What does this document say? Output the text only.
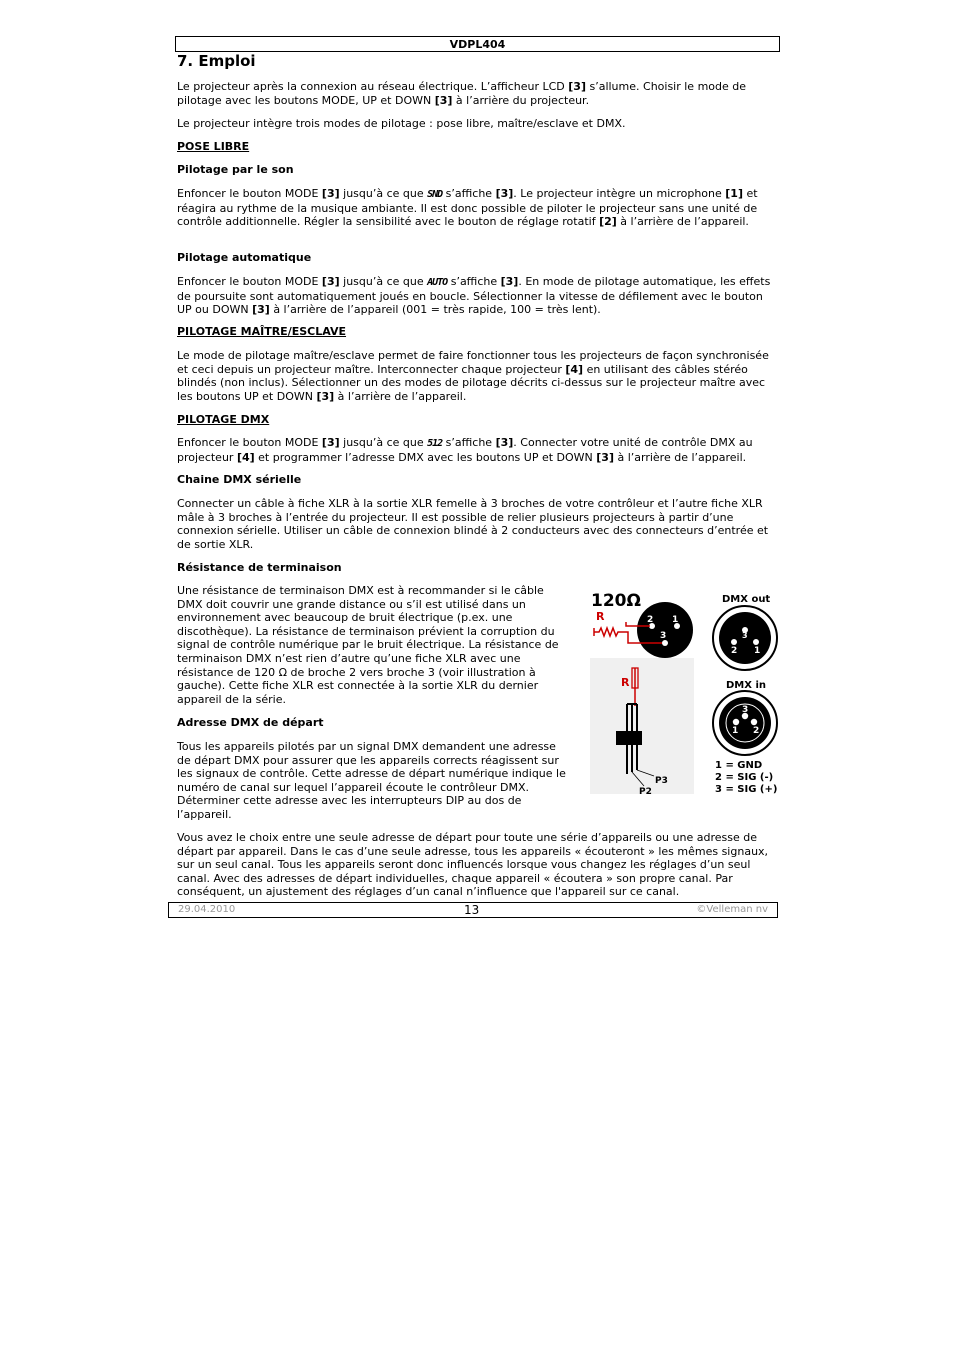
VDPL404
7. Emploi

Le projecteur après la connexion au réseau électrique. L’afficheur LCD [3] s’allume. Choisir le mode de pilotage avec les boutons MODE, UP et DOWN [3] à l’arrière du projecteur.

Le projecteur intègre trois modes de pilotage : pose libre, maître/esclave et DMX.

POSE LIBRE
Pilotage par le son

Enfoncer le bouton MODE [3] jusqu’à ce que SND s’affiche [3]. Le projecteur intègre un microphone [1] et réagira au rythme de la musique ambiante. Il est donc possible de piloter le projecteur sans une unité de contrôle additionnelle. Régler la sensibilité avec le bouton de réglage rotatif [2] à l’arrière de l’appareil.

Pilotage automatique

Enfoncer le bouton MODE [3] jusqu’à ce que AUTO s’affiche [3]. En mode de pilotage automatique, les effets de poursuite sont automatiquement joués en boucle. Sélectionner la vitesse de défilement avec le bouton UP ou DOWN [3] à l’arrière de l’appareil (001 = très rapide, 100 = très lent).

PILOTAGE MAÎTRE/ESCLAVE

Le mode de pilotage maître/esclave permet de faire fonctionner tous les projecteurs de façon synchronisée et ceci depuis un projecteur maître. Interconnecter chaque projecteur [4] en utilisant des câbles stéréo blindés (non inclus). Sélectionner un des modes de pilotage décrits ci-dessus sur le projecteur maître avec les boutons UP et DOWN [3] à l’arrière de l’appareil.

PILOTAGE DMX

Enfoncer le bouton MODE [3] jusqu’à ce que 512 s’affiche [3]. Connecter votre unité de contrôle DMX au projecteur [4] et programmer l’adresse DMX avec les boutons UP et DOWN [3] à l’arrière de l’appareil.

Chaine DMX sérielle

Connecter un câble à fiche XLR à la sortie XLR femelle à 3 broches de votre contrôleur et l’autre fiche XLR mâle à 3 broches à l’entrée du projecteur. Il est possible de relier plusieurs projecteurs à partir d’une connexion sérielle. Utiliser un câble de connexion blindé à 2 conducteurs avec des connecteurs d’entrée et de sortie XLR.

Résistance de terminaison

Une résistance de terminaison DMX est à recommander si le câble DMX doit couvrir une grande distance ou s’il est utilisé dans un environnement avec beaucoup de bruit électrique (p.ex. une discothèque). La résistance de terminaison prévient la corruption du signal de contrôle numérique par le bruit électrique. La résistance de terminaison DMX n’est rien d’autre qu’une fiche XLR avec une résistance de 120 Ω de broche 2 vers broche 3 (voir illustration à gauche). Cette fiche XLR est connectée à la sortie XLR du dernier appareil de la série.

Adresse DMX de départ

Tous les appareils pilotés par un signal DMX demandent une adresse de départ DMX pour assurer que les appareils corrects réagissent sur les signaux de contrôle. Cette adresse de départ numérique indique le numéro de canal sur lequel l’appareil écoute le contrôleur DMX. Déterminer cette adresse avec les interrupteurs DIP au dos de l’appareil.

Vous avez le choix entre une seule adresse de départ pour toute une série d’appareils ou une adresse de départ par appareil. Dans le cas d’une seule adresse, tous les appareils « écouteront » les mêmes signaux, sur un seul canal. Tous les appareils seront donc influencés lorsque vous changez les réglages d’un seul canal. Avec des adresses de départ individuelles, chaque appareil « écoutera » son propre canal. Par conséquent, un ajustement des réglages d’un canal n’influence que l'appareil sur ce canal.

120Ω
2 1
3
R
R
P3
P2
DMX out
3
2 1
DMX in
3
1 2
1 = GND
2 = SIG (-)
3 = SIG (+)
29.04.2010	13	©Velleman nv
